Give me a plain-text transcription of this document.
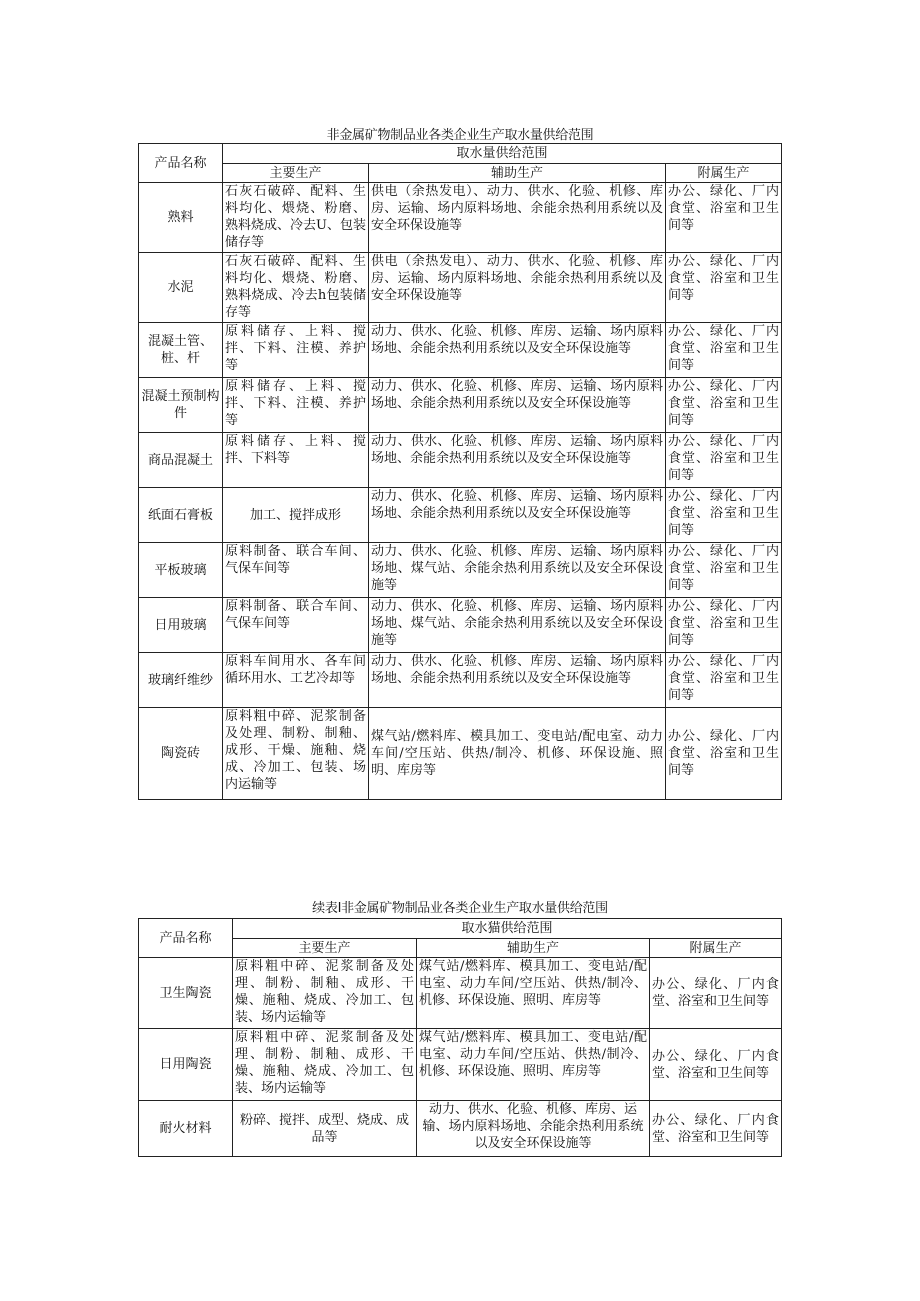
非金属矿物制品业各类企业生产取水量供给范围
产品名称	取水量供给范围		
	主要生产	辅助生产	附属生产
熟料	石灰石破碎、配料、生料均化、煨烧、粉磨、熟料烧成、冷去U、包装储存等	供电（余热发电）、动力、供水、化验、机修、库房、运输、场内原料场地、余能余热利用系统以及安全环保设施等	办公、绿化、厂内食堂、浴室和卫生间等
水泥	石灰石破碎、配料、生料均化、煨烧、粉磨、熟料烧成、冷去h包装储存等	供电（余热发电）、动力、供水、化验、机修、库房、运输、场内原料场地、余能余热利用系统以及安全环保设施等	办公、绿化、厂内食堂、浴室和卫生间等
混凝土管、桩、杆	原料储存、上料、搅拌、下料、注模、养护等	动力、供水、化验、机修、库房、运输、场内原料场地、余能余热利用系统以及安全环保设施等	办公、绿化、厂内食堂、浴室和卫生间等
混凝土预制构件	原料储存、上料、搅拌、下料、注模、养护等	动力、供水、化验、机修、库房、运输、场内原料场地、余能余热利用系统以及安全环保设施等	办公、绿化、厂内食堂、浴室和卫生间等
商品混凝土	原料储存、上料、搅拌、下料等	动力、供水、化验、机修、库房、运输、场内原料场地、余能余热利用系统以及安全环保设施等	办公、绿化、厂内食堂、浴室和卫生间等
纸面石膏板	加工、搅拌成形	动力、供水、化验、机修、库房、运输、场内原料场地、余能余热利用系统以及安全环保设施等	办公、绿化、厂内食堂、浴室和卫生间等
平板玻璃	原料制备、联合车间、气保车间等	动力、供水、化验、机修、库房、运输、场内原料场地、煤气站、余能余热利用系统以及安全环保设施等	办公、绿化、厂内食堂、浴室和卫生间等
日用玻璃	原料制备、联合车间、气保车间等	动力、供水、化验、机修、库房、运输、场内原料场地、煤气站、余能余热利用系统以及安全环保设施等	办公、绿化、厂内食堂、浴室和卫生间等
玻璃纤维纱	原料车间用水、各车间循环用水、工艺冷却等	动力、供水、化验、机修、库房、运输、场内原料场地、余能余热利用系统以及安全环保设施等	办公、绿化、厂内食堂、浴室和卫生间等
陶瓷砖	原料粗中碎、泥浆制备及处理、制粉、制釉、成形、干燥、施釉、烧成、冷加工、包装、场内运输等	煤气站/燃料库、模具加工、变电站/配电室、动力车间/空压站、供热/制冷、机修、环保设施、照明、库房等	办公、绿化、厂内食堂、浴室和卫生间等
续表I非金属矿物制品业各类企业生产取水量供给范围
产品名称	取水猫供给范围		
	主要生产	辅助生产	附属生产
卫生陶瓷	原料粗中碎、泥浆制备及处理、制粉、制釉、成形、干燥、施釉、烧成、冷加工、包装、场内运输等	煤气站/燃料库、模具加工、变电站/配电室、动力车间/空压站、供热/制冷、机修、环保设施、照明、库房等	办公、绿化、厂内食堂、浴室和卫生间等
日用陶瓷	原料粗中碎、泥浆制备及处理、制粉、制釉、成形、干燥、施釉、烧成、冷加工、包装、场内运输等	煤气站/燃料库、模具加工、变电站/配电室、动力车间/空压站、供热/制冷、机修、环保设施、照明、库房等	办公、绿化、厂内食堂、浴室和卫生间等
耐火材料	粉碎、搅拌、成型、烧成、成品等	动力、供水、化验、机修、库房、运输、场内原料场地、余能余热利用系统以及安全环保设施等	办公、绿化、厂内食堂、浴室和卫生间等
